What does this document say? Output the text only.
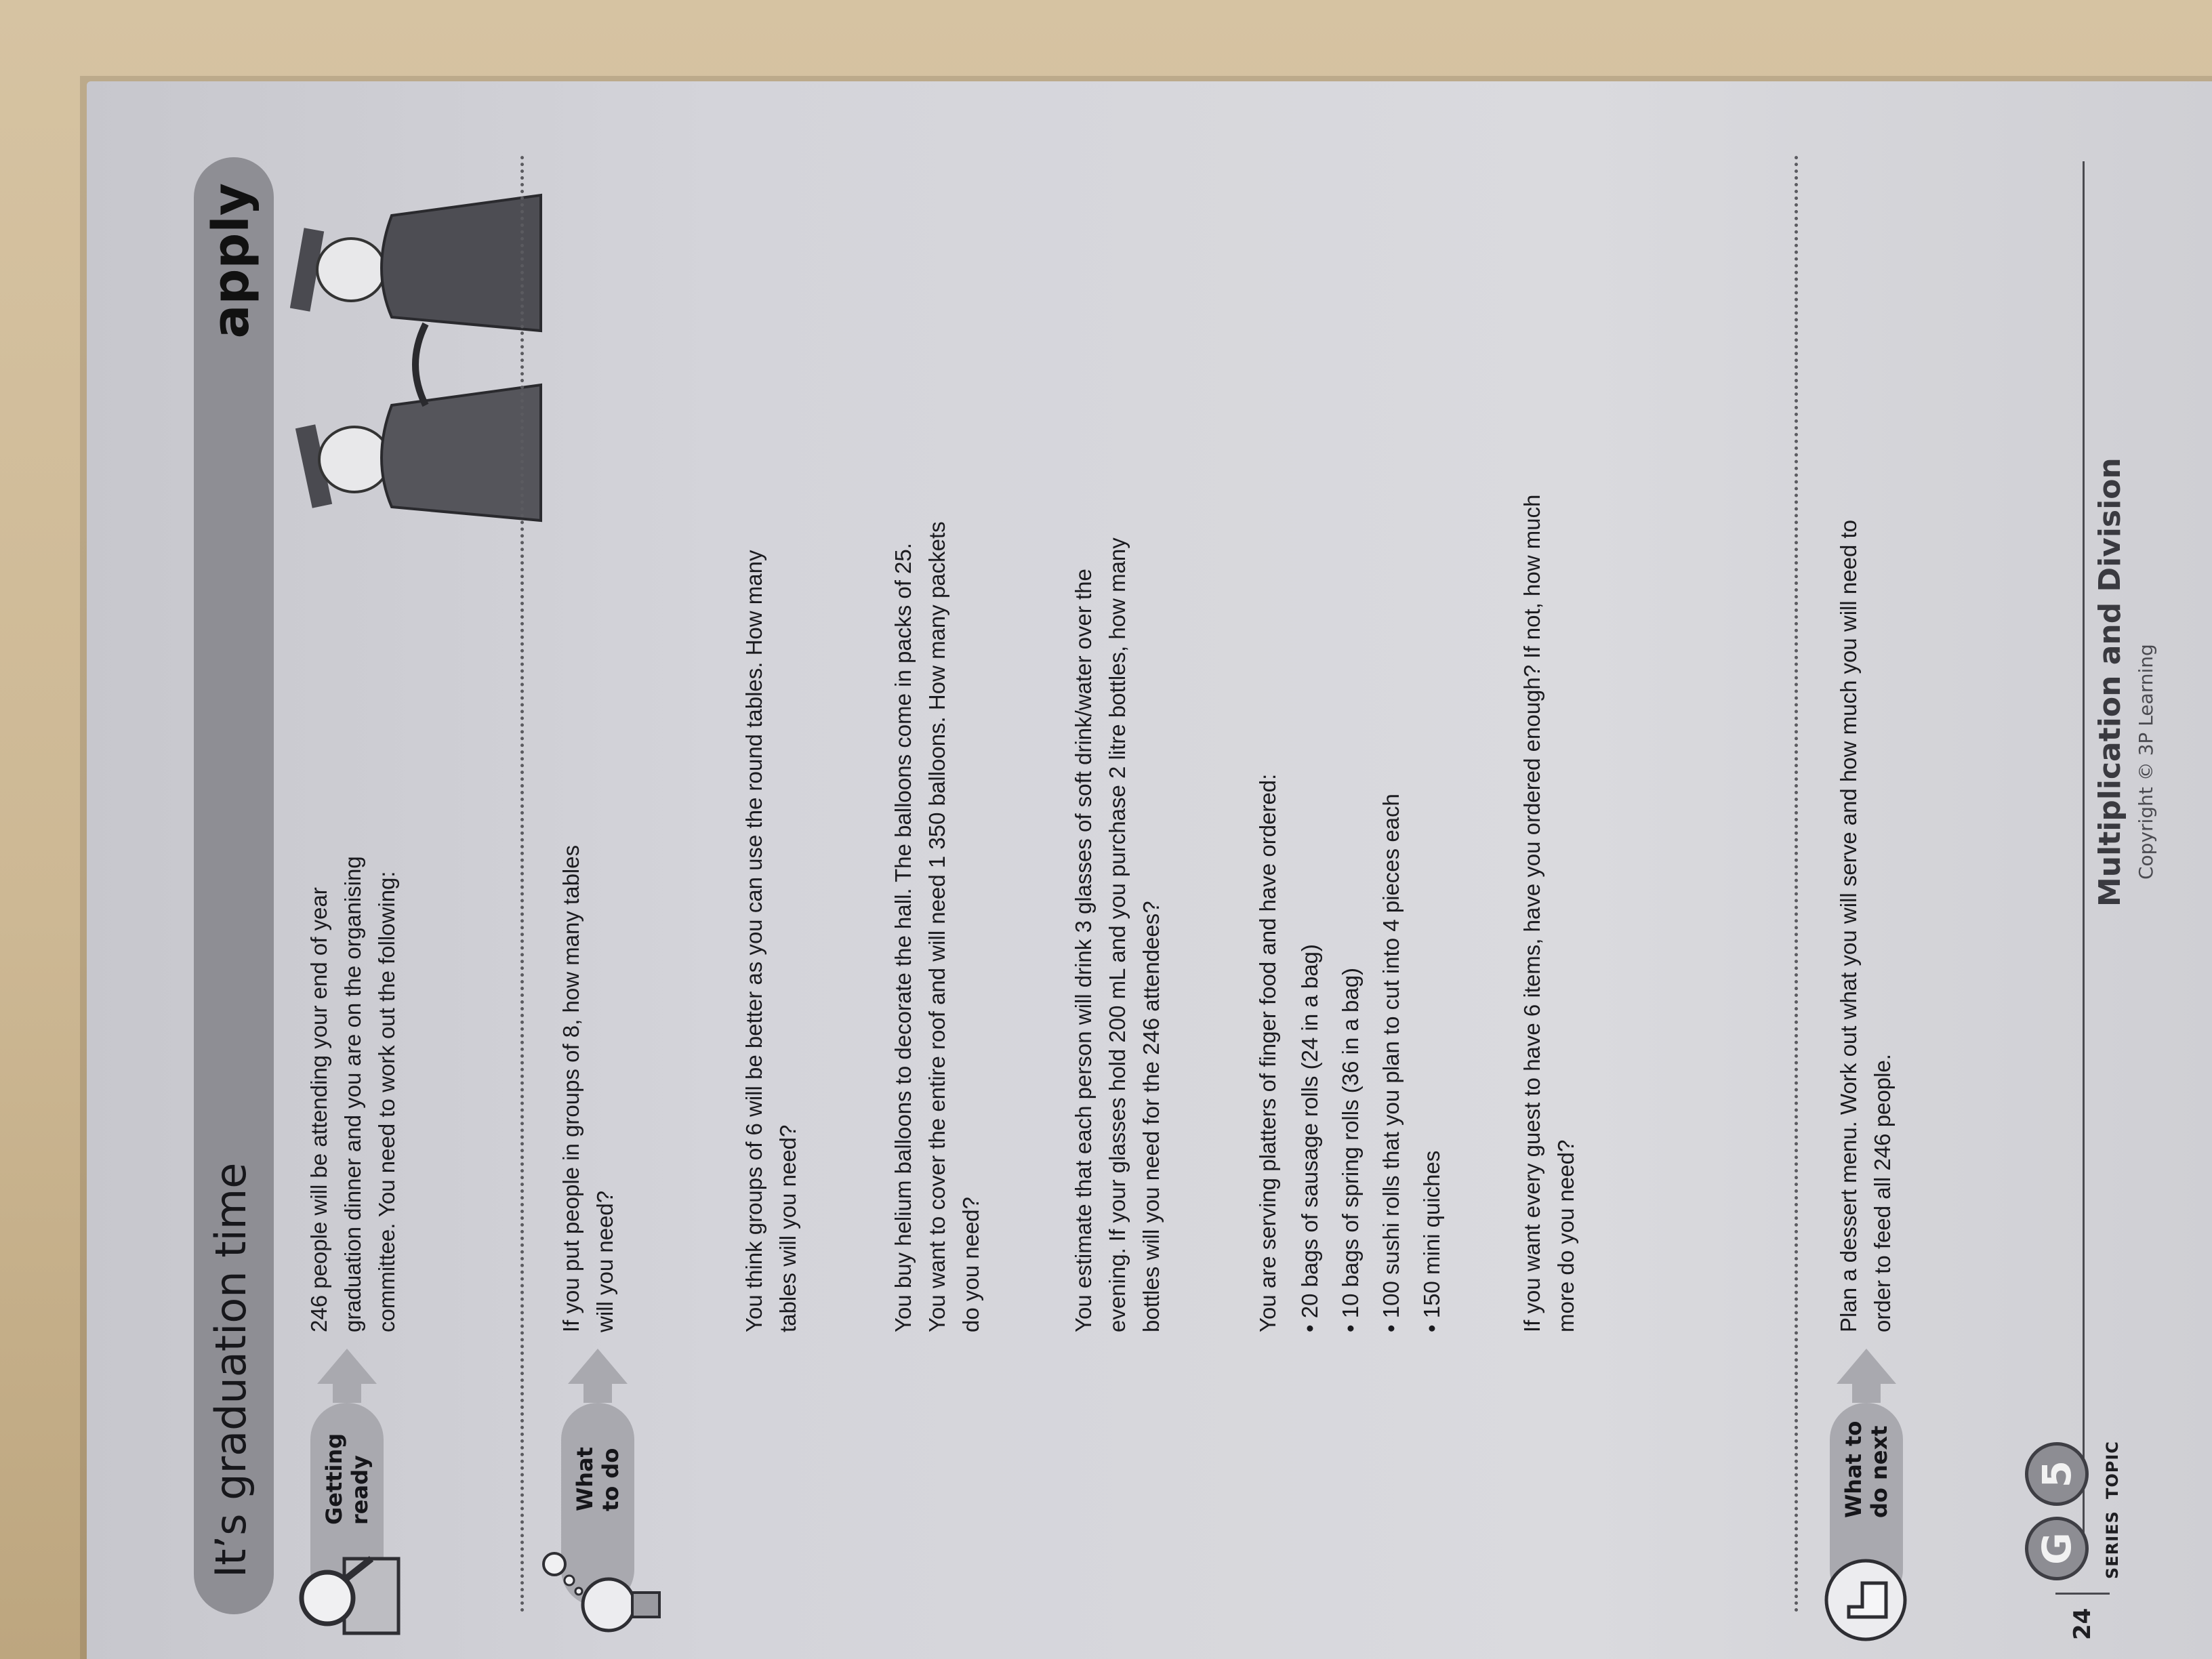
It’s graduation time
apply
Getting
ready
246 people will be attending your end of year graduation dinner and you are on the organising committee. You need to work out the following:
What
to do
If you put people in groups of 8, how many tables will you need?	You think groups of 6 will be better as you can use the round tables. How many tables will you need?	You buy helium balloons to decorate the hall. The balloons come in packs of 25. You want to cover the entire roof and will need 1 350 balloons. How many packets do you need?	You estimate that each person will drink 3 glasses of soft drink/water over the evening. If your glasses hold 200 mL and you purchase 2 litre bottles, how many bottles will you need for the 246 attendees?	You are serving platters of finger food and have ordered: • 20 bags of sausage rolls (24 in a bag) • 10 bags of spring rolls (36 in a bag) • 100 sushi rolls that you plan to cut into 4 pieces each • 150 mini quiches	If you want every guest to have 6 items, have you ordered enough? If not, how much more do you need?
What to
do next
Plan a dessert menu. Work out what you will serve and how much you will need to order to feed all 246 people.
24
G	SERIES
5	TOPIC
Multiplication and Division Copyright © 3P Learning
